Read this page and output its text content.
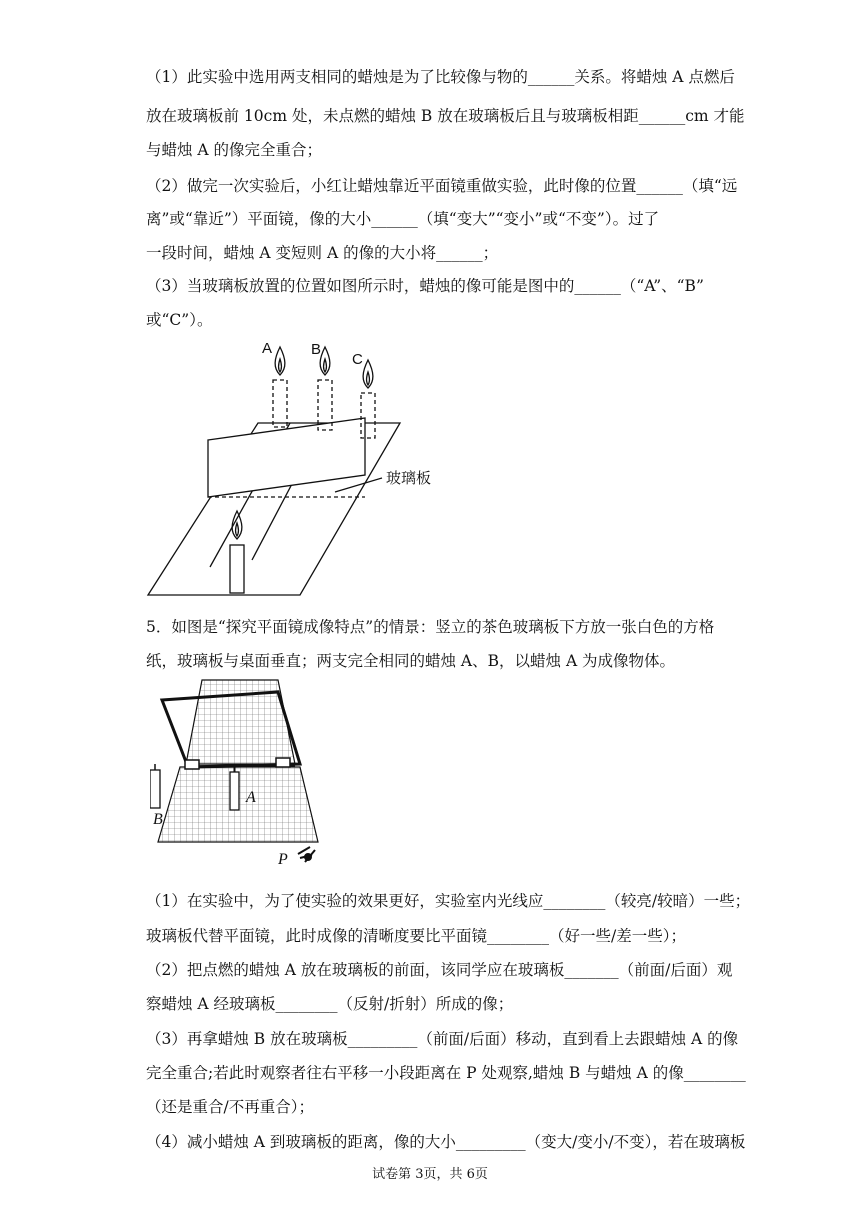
（1）此实验中选用两支相同的蜡烛是为了比较像与物的______关系。将蜡烛 A 点燃后
放在玻璃板前 10cm 处，未点燃的蜡烛 B 放在玻璃板后且与玻璃板相距______cm 才能
与蜡烛 A 的像完全重合；
（2）做完一次实验后，小红让蜡烛靠近平面镜重做实验，此时像的位置______（填“远
离”或“靠近”）平面镜，像的大小______（填“变大”“变小”或“不变”）。过了
一段时间，蜡烛 A 变短则 A 的像的大小将______；
（3）当玻璃板放置的位置如图所示时，蜡烛的像可能是图中的______（“A”、“B”
或“C”）。
A	B
C
玻璃板
5．如图是“探究平面镜成像特点”的情景：竖立的茶色玻璃板下方放一张白色的方格
纸，玻璃板与桌面垂直；两支完全相同的蜡烛 A、B，以蜡烛 A 为成像物体。
A
B
P
（1）在实验中，为了使实验的效果更好，实验室内光线应________（较亮/较暗）一些；
玻璃板代替平面镜，此时成像的清晰度要比平面镜________（好一些/差一些）；
（2）把点燃的蜡烛 A 放在玻璃板的前面，该同学应在玻璃板_______（前面/后面）观
察蜡烛 A 经玻璃板________（反射/折射）所成的像；
（3）再拿蜡烛 B 放在玻璃板_________（前面/后面）移动，直到看上去跟蜡烛 A 的像
完全重合;若此时观察者往右平移一小段距离在 P 处观察,蜡烛 B 与蜡烛 A 的像________
（还是重合/不再重合）；
（4）减小蜡烛 A 到玻璃板的距离，像的大小_________（变大/变小/不变），若在玻璃板
试卷第 3页，共 6页
